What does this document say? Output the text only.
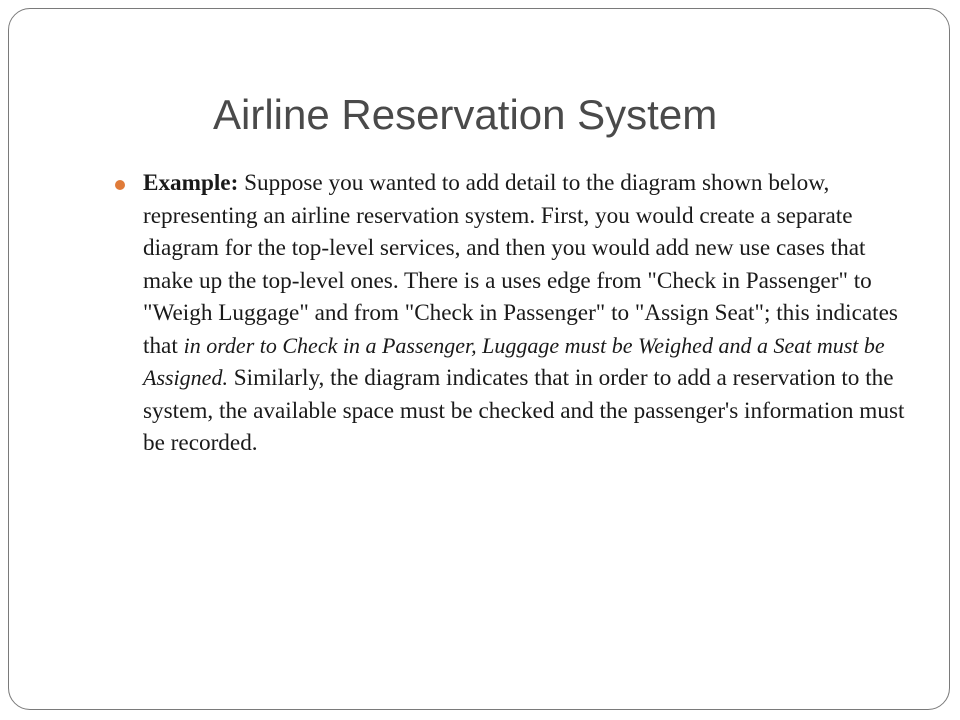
Airline Reservation System

Example: Suppose you wanted to add detail to the diagram shown below, representing an airline reservation system. First, you would create a separate diagram for the top-level services, and then you would add new use cases that make up the top-level ones. There is a uses edge from "Check in Passenger" to "Weigh Luggage" and from "Check in Passenger" to "Assign Seat"; this indicates that in order to Check in a Passenger, Luggage must be Weighed and a Seat must be Assigned. Similarly, the diagram indicates that in order to add a reservation to the system, the available space must be checked and the passenger's information must be recorded.
